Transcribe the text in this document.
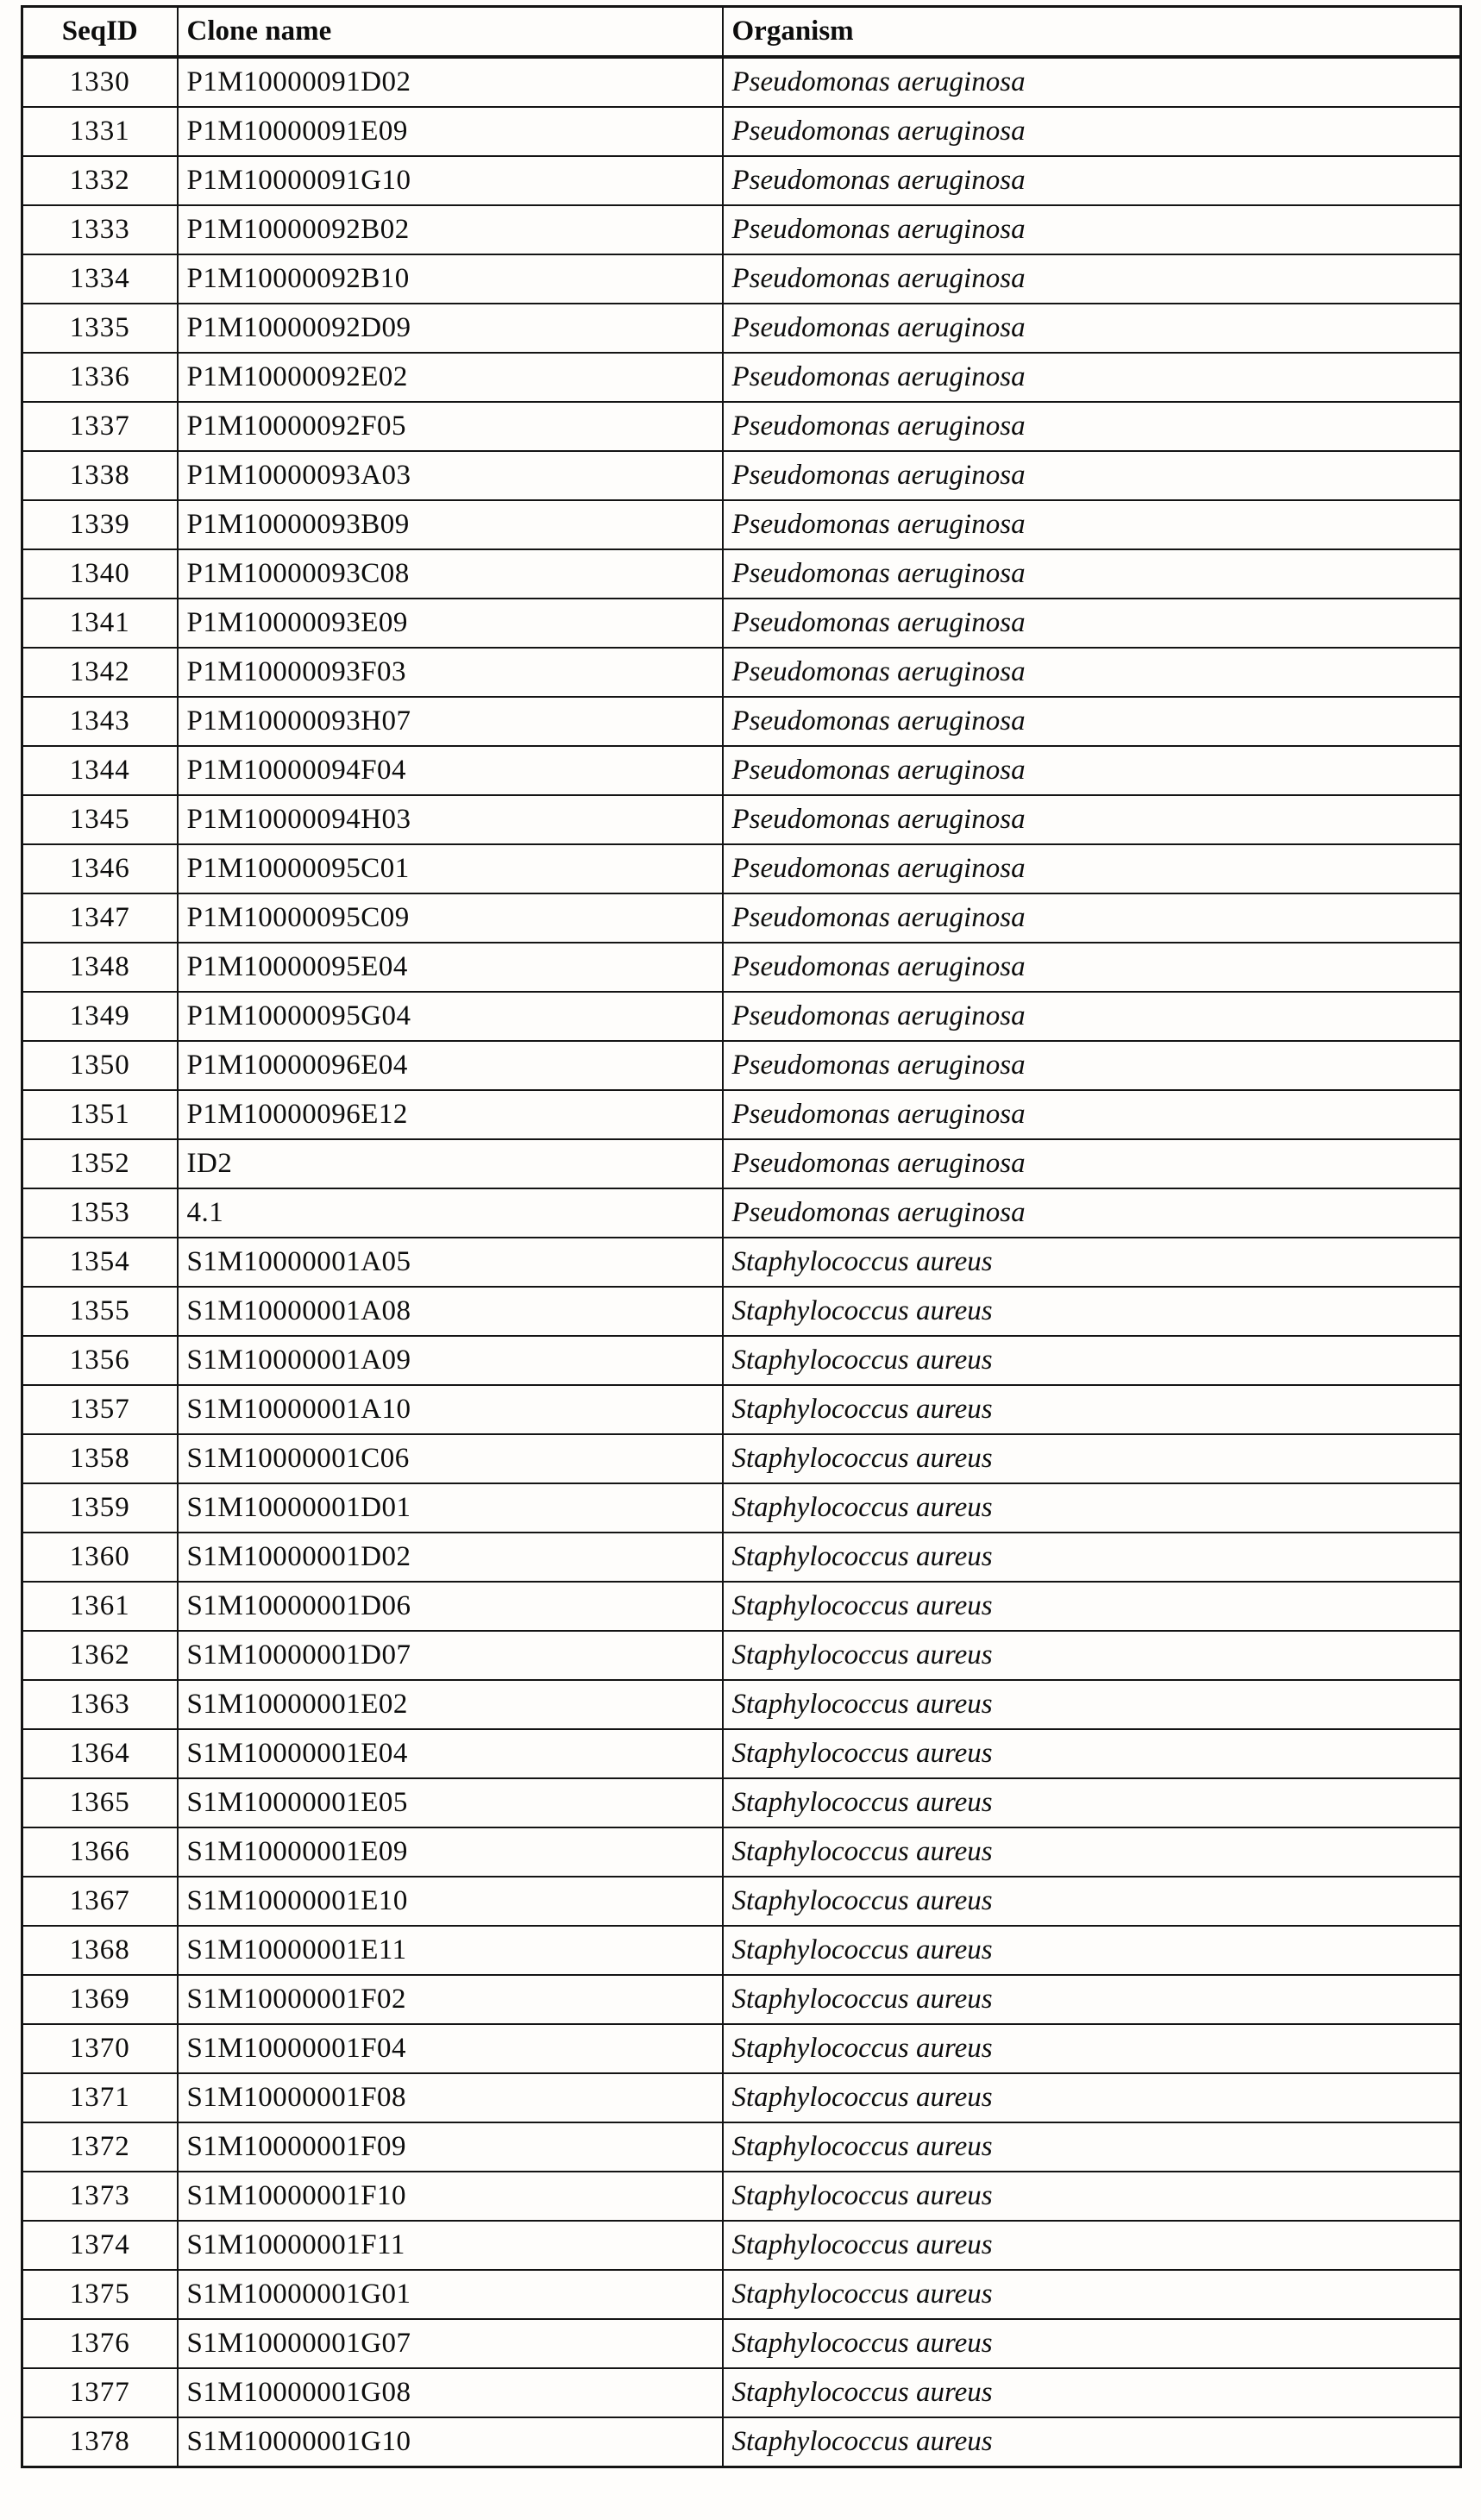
SeqID	Clone name	Organism
1330	P1M10000091D02	Pseudomonas aeruginosa
1331	P1M10000091E09	Pseudomonas aeruginosa
1332	P1M10000091G10	Pseudomonas aeruginosa
1333	P1M10000092B02	Pseudomonas aeruginosa
1334	P1M10000092B10	Pseudomonas aeruginosa
1335	P1M10000092D09	Pseudomonas aeruginosa
1336	P1M10000092E02	Pseudomonas aeruginosa
1337	P1M10000092F05	Pseudomonas aeruginosa
1338	P1M10000093A03	Pseudomonas aeruginosa
1339	P1M10000093B09	Pseudomonas aeruginosa
1340	P1M10000093C08	Pseudomonas aeruginosa
1341	P1M10000093E09	Pseudomonas aeruginosa
1342	P1M10000093F03	Pseudomonas aeruginosa
1343	P1M10000093H07	Pseudomonas aeruginosa
1344	P1M10000094F04	Pseudomonas aeruginosa
1345	P1M10000094H03	Pseudomonas aeruginosa
1346	P1M10000095C01	Pseudomonas aeruginosa
1347	P1M10000095C09	Pseudomonas aeruginosa
1348	P1M10000095E04	Pseudomonas aeruginosa
1349	P1M10000095G04	Pseudomonas aeruginosa
1350	P1M10000096E04	Pseudomonas aeruginosa
1351	P1M10000096E12	Pseudomonas aeruginosa
1352	ID2	Pseudomonas aeruginosa
1353	4.1	Pseudomonas aeruginosa
1354	S1M10000001A05	Staphylococcus aureus
1355	S1M10000001A08	Staphylococcus aureus
1356	S1M10000001A09	Staphylococcus aureus
1357	S1M10000001A10	Staphylococcus aureus
1358	S1M10000001C06	Staphylococcus aureus
1359	S1M10000001D01	Staphylococcus aureus
1360	S1M10000001D02	Staphylococcus aureus
1361	S1M10000001D06	Staphylococcus aureus
1362	S1M10000001D07	Staphylococcus aureus
1363	S1M10000001E02	Staphylococcus aureus
1364	S1M10000001E04	Staphylococcus aureus
1365	S1M10000001E05	Staphylococcus aureus
1366	S1M10000001E09	Staphylococcus aureus
1367	S1M10000001E10	Staphylococcus aureus
1368	S1M10000001E11	Staphylococcus aureus
1369	S1M10000001F02	Staphylococcus aureus
1370	S1M10000001F04	Staphylococcus aureus
1371	S1M10000001F08	Staphylococcus aureus
1372	S1M10000001F09	Staphylococcus aureus
1373	S1M10000001F10	Staphylococcus aureus
1374	S1M10000001F11	Staphylococcus aureus
1375	S1M10000001G01	Staphylococcus aureus
1376	S1M10000001G07	Staphylococcus aureus
1377	S1M10000001G08	Staphylococcus aureus
1378	S1M10000001G10	Staphylococcus aureus
